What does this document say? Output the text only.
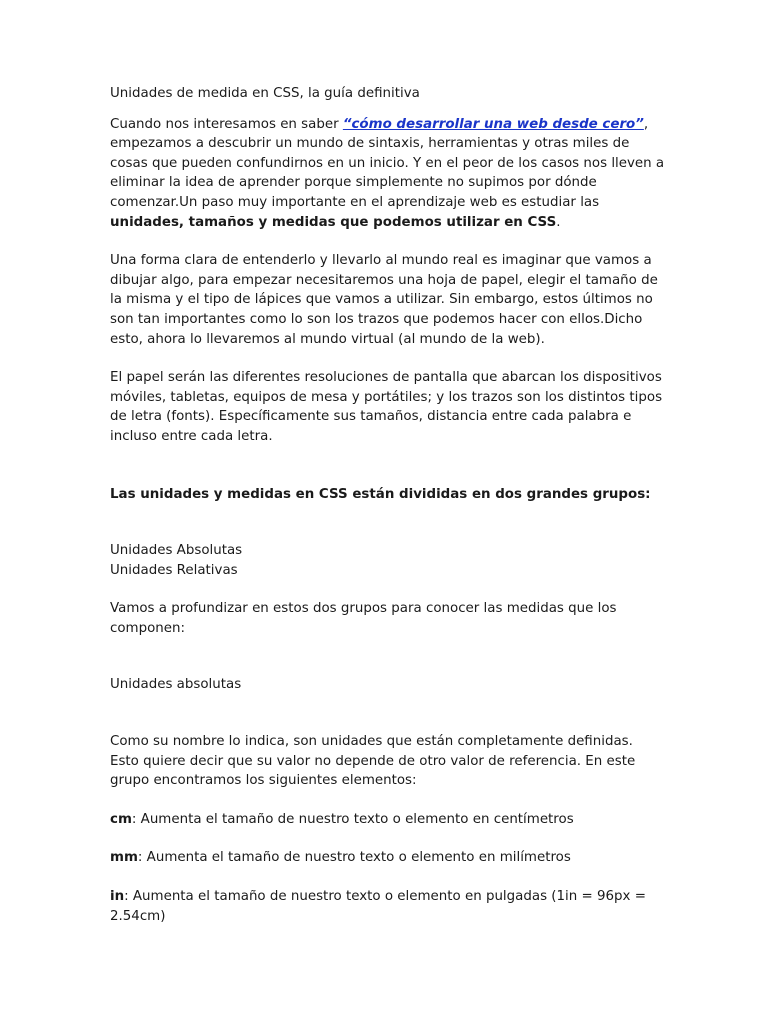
Unidades de medida en CSS, la guía definitiva

Cuando nos interesamos en saber “cómo desarrollar una web desde cero”, empezamos a descubrir un mundo de sintaxis, herramientas y otras miles de cosas que pueden confundirnos en un inicio. Y en el peor de los casos nos lleven a eliminar la idea de aprender porque simplemente no supimos por dónde comenzar.Un paso muy importante en el aprendizaje web es estudiar las unidades, tamaños y medidas que podemos utilizar en CSS.

Una forma clara de entenderlo y llevarlo al mundo real es imaginar que vamos a dibujar algo, para empezar necesitaremos una hoja de papel, elegir el tamaño de la misma y el tipo de lápices que vamos a utilizar. Sin embargo, estos últimos no son tan importantes como lo son los trazos que podemos hacer con ellos.Dicho esto, ahora lo llevaremos al mundo virtual (al mundo de la web).

El papel serán las diferentes resoluciones de pantalla que abarcan los dispositivos móviles, tabletas, equipos de mesa y portátiles; y los trazos son los distintos tipos de letra (fonts). Específicamente sus tamaños, distancia entre cada palabra e incluso entre cada letra.

Las unidades y medidas en CSS están divididas en dos grandes grupos:

Unidades Absolutas

Unidades Relativas

Vamos a profundizar en estos dos grupos para conocer las medidas que los componen:

Unidades absolutas

Como su nombre lo indica, son unidades que están completamente definidas. Esto quiere decir que su valor no depende de otro valor de referencia. En este grupo encontramos los siguientes elementos:

cm: Aumenta el tamaño de nuestro texto o elemento en centímetros

mm: Aumenta el tamaño de nuestro texto o elemento en milímetros

in: Aumenta el tamaño de nuestro texto o elemento en pulgadas (1in = 96px = 2.54cm)
